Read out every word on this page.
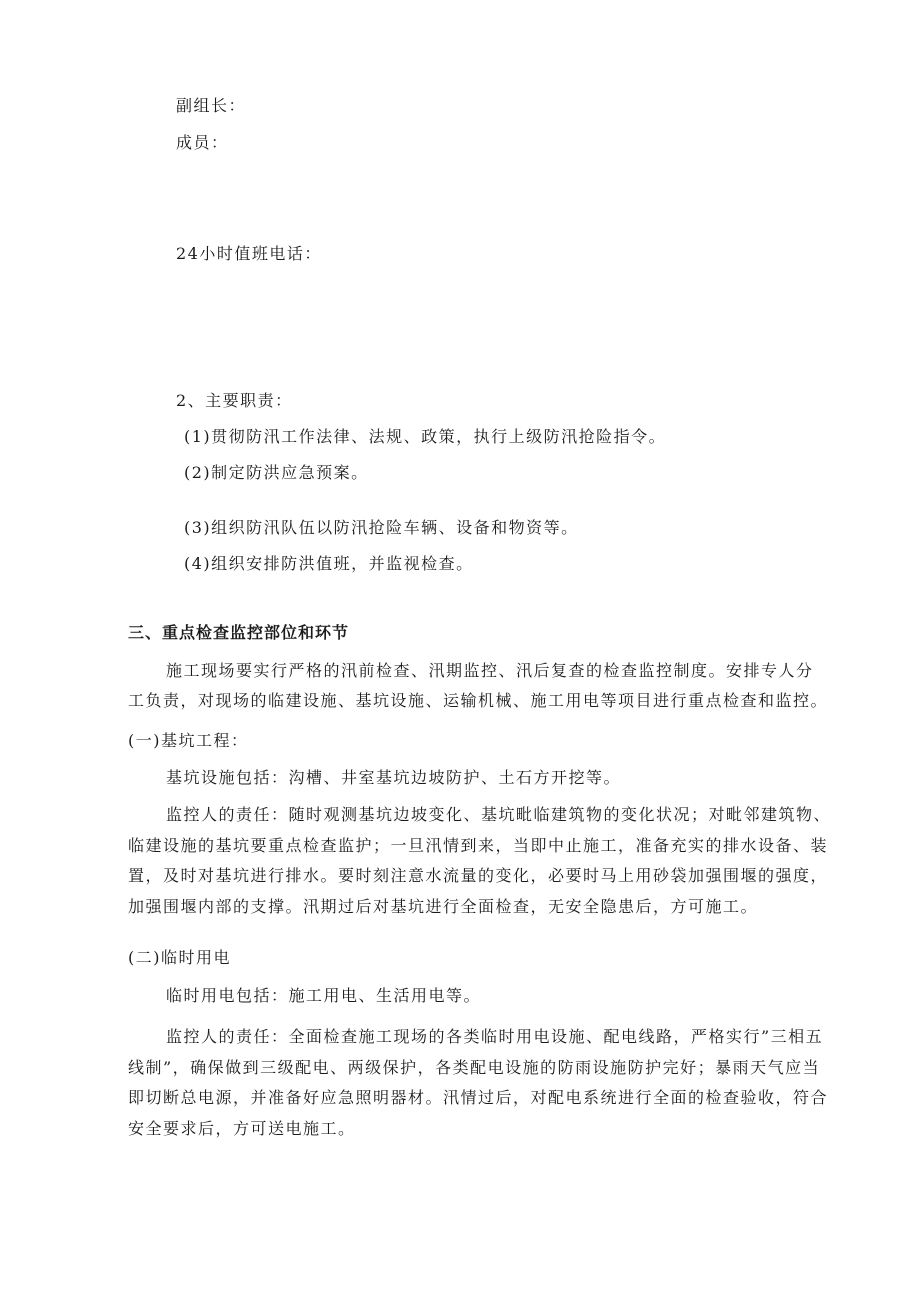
副组长：
成员：
24小时值班电话：
2、主要职责：
(1)贯彻防汛工作法律、法规、政策，执行上级防汛抢险指令。
(2)制定防洪应急预案。
(3)组织防汛队伍以防汛抢险车辆、设备和物资等。
(4)组织安排防洪值班，并监视检查。
三、重点检查监控部位和环节
施工现场要实行严格的汛前检查、汛期监控、汛后复查的检查监控制度。安排专人分工负责，对现场的临建设施、基坑设施、运输机械、施工用电等项目进行重点检查和监控。
(一)基坑工程：
基坑设施包括：沟槽、井室基坑边坡防护、土石方开挖等。
监控人的责任：随时观测基坑边坡变化、基坑毗临建筑物的变化状况；对毗邻建筑物、临建设施的基坑要重点检查监护；一旦汛情到来，当即中止施工，准备充实的排水设备、装置，及时对基坑进行排水。要时刻注意水流量的变化，必要时马上用砂袋加强围堰的强度，加强围堰内部的支撑。汛期过后对基坑进行全面检查，无安全隐患后，方可施工。
(二)临时用电
临时用电包括：施工用电、生活用电等。
监控人的责任：全面检查施工现场的各类临时用电设施、配电线路，严格实行”三相五线制”，确保做到三级配电、两级保护，各类配电设施的防雨设施防护完好；暴雨天气应当即切断总电源，并准备好应急照明器材。汛情过后，对配电系统进行全面的检查验收，符合安全要求后，方可送电施工。
